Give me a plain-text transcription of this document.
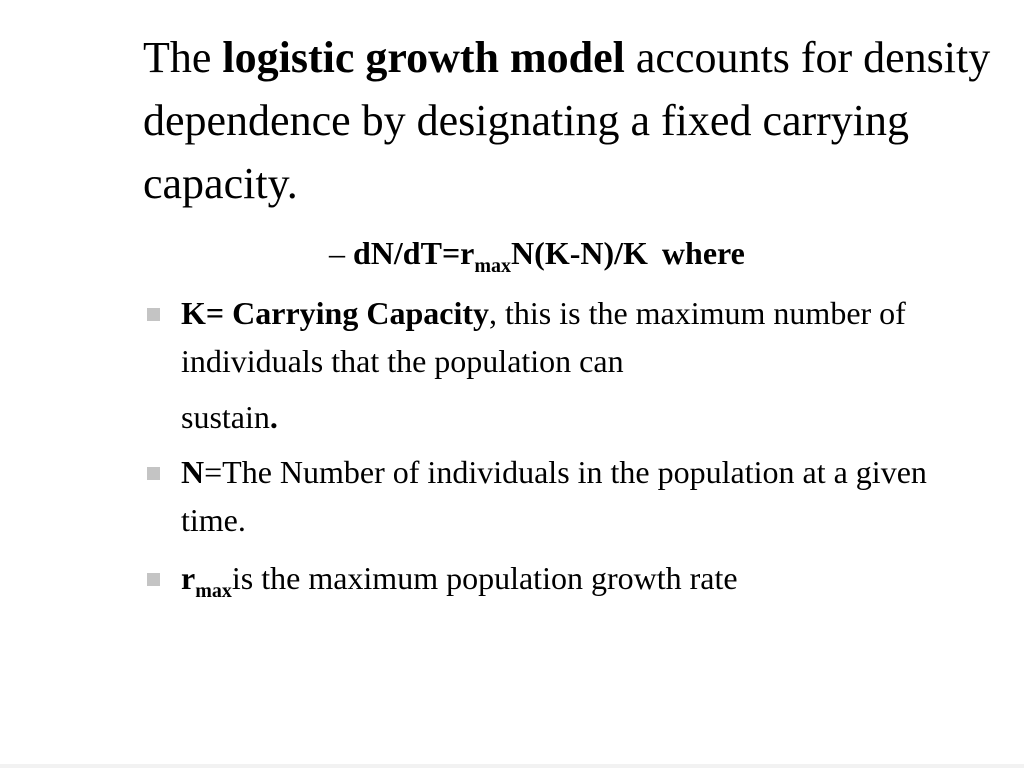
The logistic growth model accounts for density dependence by designating a fixed carrying capacity.
– $dN/dT=r_{max}N(K-N)/K$ where
K= Carrying Capacity, this is the maximum number of individuals that the population can
sustain.
N=The Number of individuals in the population at a given time.
$r_{max}is$ the maximum population growth rate
